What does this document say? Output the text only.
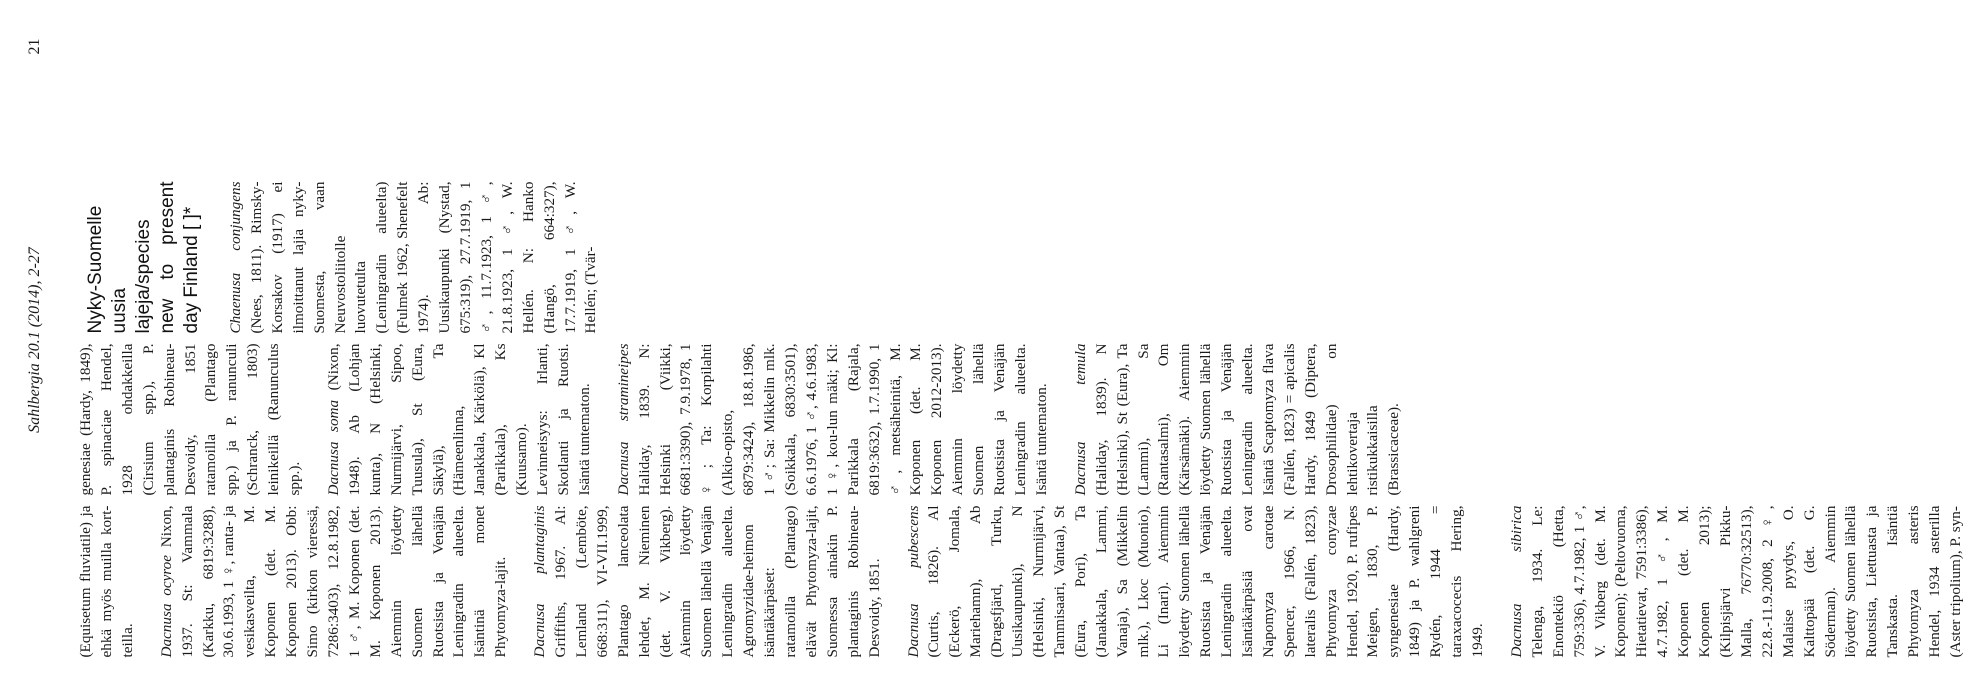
Sahlbergia 20.1 (2014), 2-27
21

(Equisetum fluviatile) ja ehkä myös muilla kort-teilla. Dacnusa ocyroe Nixon, 1937. St: Vammala (Karkku, 6819:3288), 30.6.1993, 1 ♀, ranta- ja vesikasveilta, M. Koponen (det. M. Koponen 2013). Obb: Simo (kirkon vieressä, 7286:3403), 12.8.1982, 1 ♂, M. Koponen (det. M. Koponen 2013). Aiemmin löydetty Suomen lähellä Ruotsista ja Venäjän Leningradin alueelta. Isäntinä monet Phytomyza-lajit. Dacnusa plantaginis Griffiths, 1967. Al: Lemland (Lemböte, 668:311), VI-VII.1999, Plantago lanceolata lehdet, M. Nieminen (det. V. Vikberg). Aiemmin löydetty Suomen lähellä Venäjän Leningradin alueelta. Agromyzidae-heimon isäntäkärpäset: ratamoilla (Plantago) elävät Phytomyza-lajit, Suomessa ainakin P. plantaginis Robineau-Desvoidy, 1851. Dacnusa pubescens (Curtis, 1826). Al (Eckerö, Jomala, Mariehamn), Ab (Dragsfjärd, Turku, Uusikaupunki), N (Helsinki, Nurmijärvi, Tammisaari, Vantaa), St (Eura, Pori), Ta (Janakkala, Lammi, Vanaja), Sa (Mikkelin mlk.), Lkoc (Muonio), Li (Inari). Aiemmin löydetty Suomen lähellä Ruotsista ja Venäjän Leningradin alueelta. Isäntäkärpäsiä ovat Napomyza carotae Spencer, 1966, N. lateralis (Fallén, 1823), Phytomyza conyzae Hendel, 1920, P. rufipes Meigen, 1830, P. syngenesiae (Hardy, 1849) ja P. wahlgreni Rydén, 1944 = taraxacocecis Hering, 1949. Dacnusa sibirica Telenga, 1934. Le: Enontekiö (Hetta, 759:336), 4.7.1982, 1 ♂, V. Vikberg (det. M. Koponen); (Peltovuoma, Hietatievat, 7591:3386), 4.7.1982, 1 ♂, M. Koponen (det. M. Koponen 2013); (Kilpisjärvi Pikku-Malla, 76770:32513), 22.8.-11.9.2008, 2 ♀, Malaise pyydys, O. Kalttopää (det. G. Söderman). Aiemmin löydetty Suomen lähellä Ruotsista, Liettuasta ja Tanskasta. Isäntiä Phytomyza asteris Hendel, 1934 asterilla (Aster tripolium), P. syn-

genesiae (Hardy, 1849), P. spinaciae Hendel, 1928 ohdakkeilla (Cirsium spp.), P. plantaginis Robineau-Desvoidy, 1851 ratamoilla (Plantago spp.) ja P. ranunculi (Schranck, 1803) leinikeillä (Ranunculus spp.). Dacnusa soma (Nixon, 1948). Ab (Lohjan kunta), N (Helsinki, Nurmijärvi, Sipoo, Tuusula), St (Eura, Säkylä), Ta (Hämeenlinna, Janakkala, Kärkölä), Kl (Parikkala), Ks (Kuusamo). Levinneisyys: Irlanti, Skotlanti ja Ruotsi. Isäntä tuntematon. Dacnusa stramineipes Haliday, 1839. N: Helsinki (Viikki, 6681:3390), 7.9.1978, 1 ♀; Ta: Korpilahti (Alkio-opisto, 6879:3424), 18.8.1986, 1 ♂; Sa: Mikkelin mlk. (Soikkala, 6830:3501), 6.6.1976, 1 ♂, 4.6.1983, 1 ♀, kou-lun mäki; Kl: Parikkala (Rajala, 6819:3632), 1.7.1990, 1 ♂, metsäheinitä, M. Koponen (det. M. Koponen 2012-2013). Aiemmin löydetty Suomen lähellä Ruotsista ja Venäjän Leningradin alueelta. Isäntä tuntematon. Dacnusa temula (Haliday, 1839). N (Helsinki), St (Eura), Ta (Lammi), Sa (Rantasalmi), Om (Kärsämäki). Aiemmin löydetty Suomen lähellä Ruotsista ja Venäjän Leningradin alueelta. Isäntä Scaptomyza flava (Fallén, 1823) = apicalis Hardy, 1849 (Diptera, Drosophilidae) on lehtikovertaja ristikukkaisilla (Brassicaceae).

Nyky-Suomelle uusia lajeja/species new to present day Finland [ ]* Chaenusa conjungens (Nees, 1811). Rimsky-Korsakov (1917) ei ilmoittanut lajia nyky-Suomesta, vaan Neuvostoliitolle luovutetulta (Leningradin alueelta) (Fulmek 1962, Shenefelt 1974). Ab: Uusikaupunki (Nystad, 675:319), 27.7.1919, 1 ♂, 11.7.1923, 1 ♂, 21.8.1923, 1 ♂, W. Hellén. N: Hanko (Hangö, 664:327), 17.7.1919, 1 ♂, W. Hellén; (Tvär-
